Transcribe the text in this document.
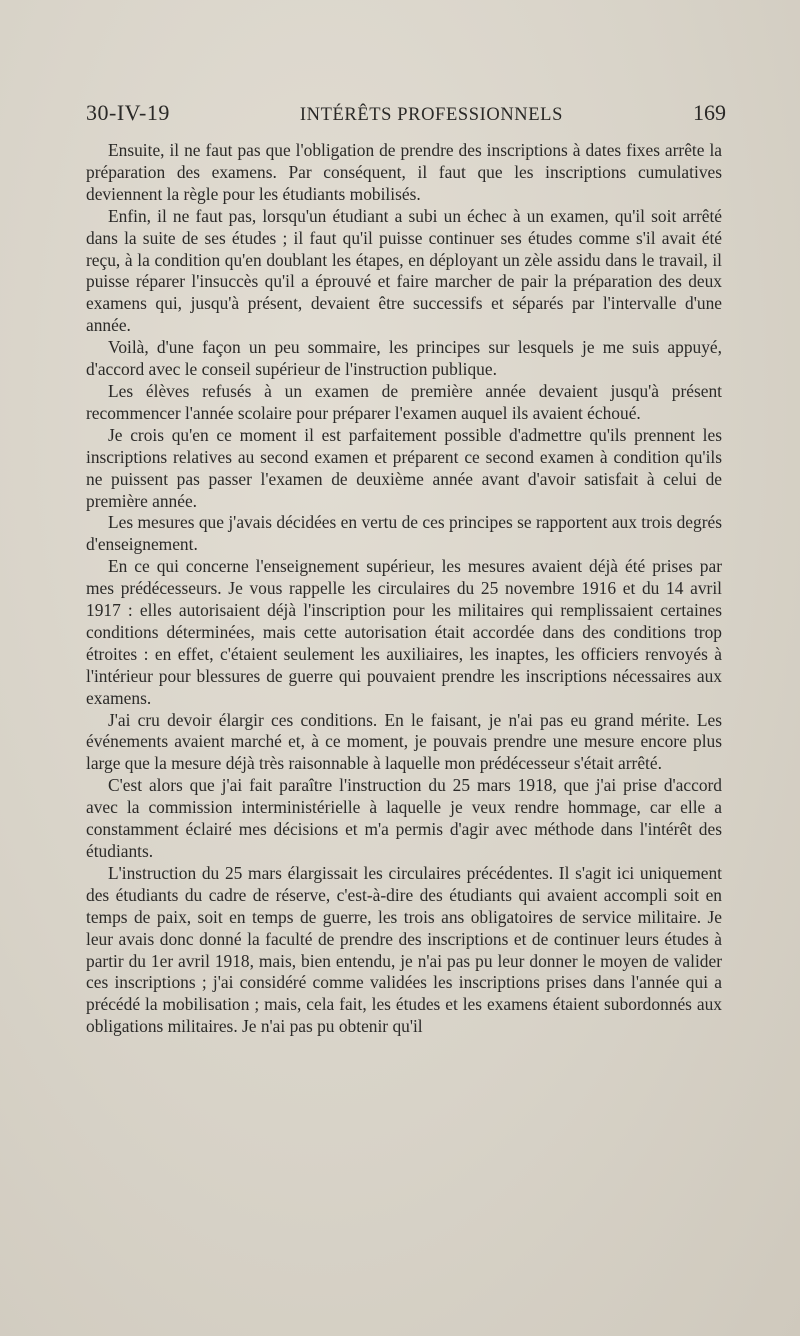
30-IV-19	INTÉRÊTS PROFESSIONNELS	169

Ensuite, il ne faut pas que l'obligation de prendre des inscriptions à dates fixes arrête la préparation des examens. Par conséquent, il faut que les inscriptions cumulatives deviennent la règle pour les étudiants mobilisés.

Enfin, il ne faut pas, lorsqu'un étudiant a subi un échec à un examen, qu'il soit arrêté dans la suite de ses études ; il faut qu'il puisse continuer ses études comme s'il avait été reçu, à la condition qu'en doublant les étapes, en déployant un zèle assidu dans le travail, il puisse réparer l'insuccès qu'il a éprouvé et faire marcher de pair la préparation des deux examens qui, jusqu'à présent, devaient être successifs et séparés par l'intervalle d'une année.

Voilà, d'une façon un peu sommaire, les principes sur lesquels je me suis appuyé, d'accord avec le conseil supérieur de l'instruction publique.

Les élèves refusés à un examen de première année devaient jusqu'à présent recommencer l'année scolaire pour préparer l'examen auquel ils avaient échoué.

Je crois qu'en ce moment il est parfaitement possible d'admettre qu'ils prennent les inscriptions relatives au second examen et préparent ce second examen à condition qu'ils ne puissent pas passer l'examen de deuxième année avant d'avoir satisfait à celui de première année.

Les mesures que j'avais décidées en vertu de ces principes se rapportent aux trois degrés d'enseignement.

En ce qui concerne l'enseignement supérieur, les mesures avaient déjà été prises par mes prédécesseurs. Je vous rappelle les circulaires du 25 novembre 1916 et du 14 avril 1917 : elles autorisaient déjà l'inscription pour les militaires qui remplissaient certaines conditions déterminées, mais cette autorisation était accordée dans des conditions trop étroites : en effet, c'étaient seulement les auxiliaires, les inaptes, les officiers renvoyés à l'intérieur pour blessures de guerre qui pouvaient prendre les inscriptions nécessaires aux examens.

J'ai cru devoir élargir ces conditions. En le faisant, je n'ai pas eu grand mérite. Les événements avaient marché et, à ce moment, je pouvais prendre une mesure encore plus large que la mesure déjà très raisonnable à laquelle mon prédécesseur s'était arrêté.

C'est alors que j'ai fait paraître l'instruction du 25 mars 1918, que j'ai prise d'accord avec la commission interministérielle à laquelle je veux rendre hommage, car elle a constamment éclairé mes décisions et m'a permis d'agir avec méthode dans l'intérêt des étudiants.

L'instruction du 25 mars élargissait les circulaires précédentes. Il s'agit ici uniquement des étudiants du cadre de réserve, c'est-à-dire des étudiants qui avaient accompli soit en temps de paix, soit en temps de guerre, les trois ans obligatoires de service militaire. Je leur avais donc donné la faculté de prendre des inscriptions et de continuer leurs études à partir du 1er avril 1918, mais, bien entendu, je n'ai pas pu leur donner le moyen de valider ces inscriptions ; j'ai considéré comme validées les inscriptions prises dans l'année qui a précédé la mobilisation ; mais, cela fait, les études et les examens étaient subordonnés aux obligations militaires. Je n'ai pas pu obtenir qu'il
